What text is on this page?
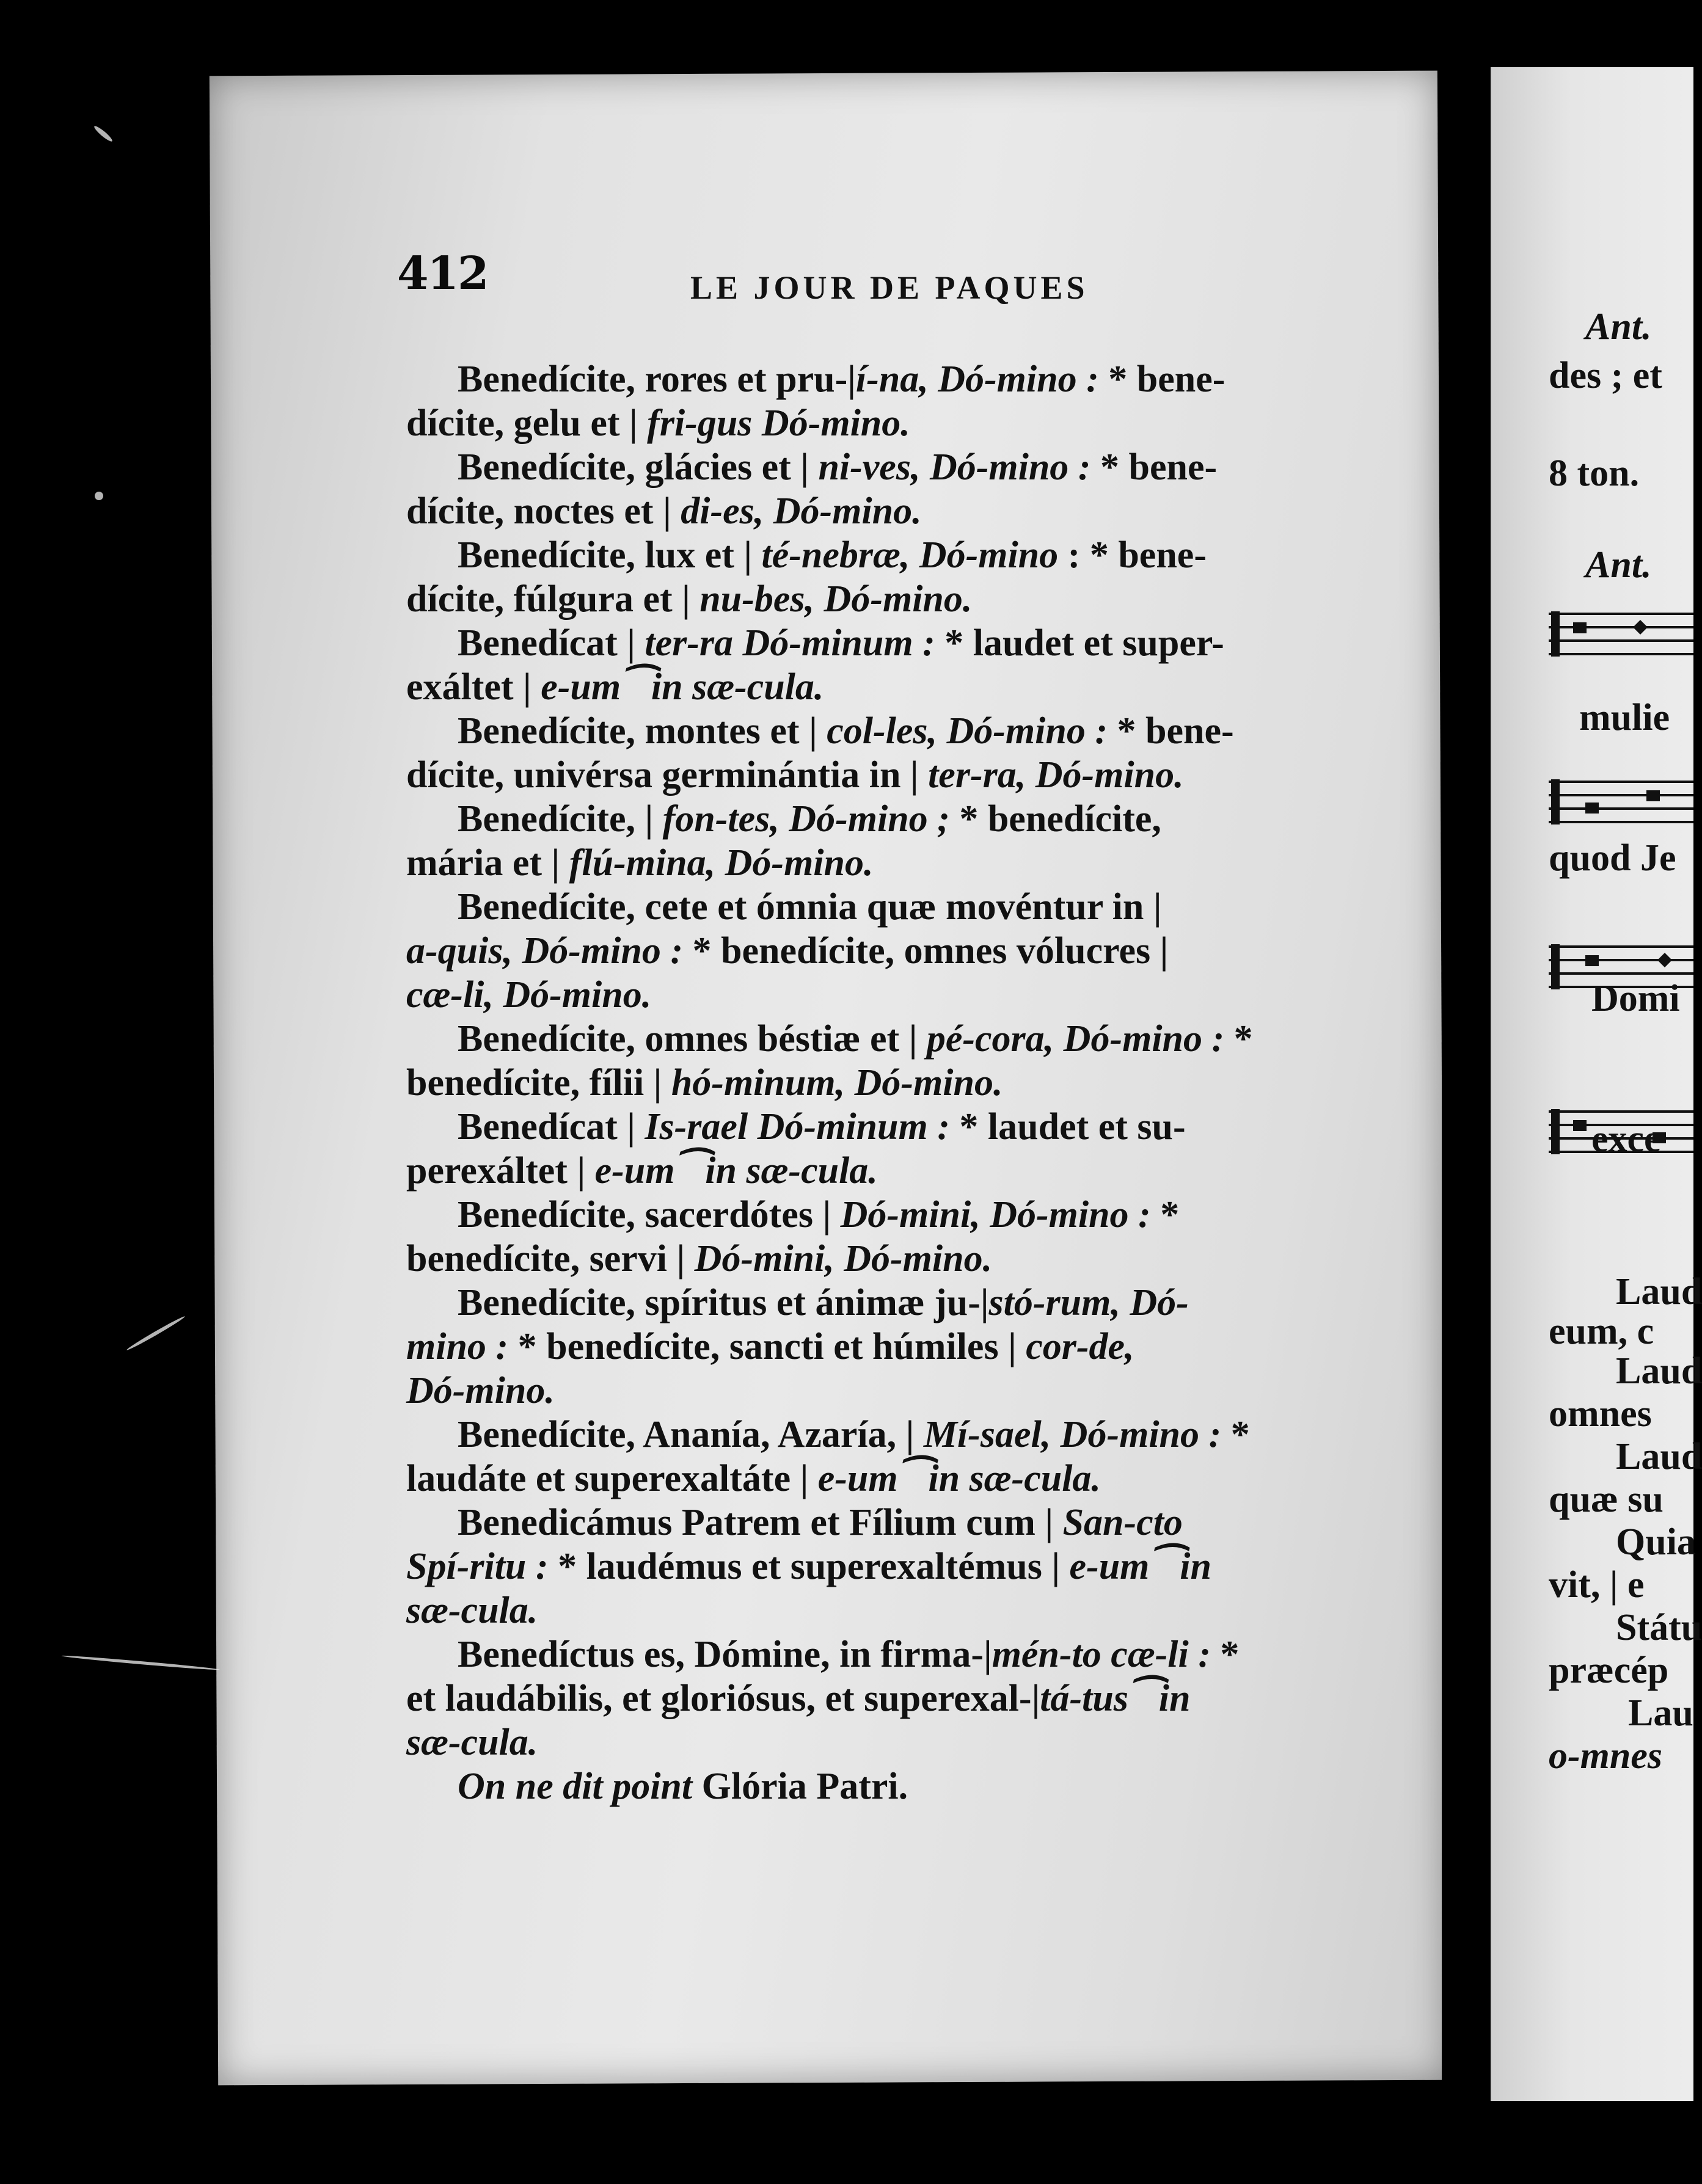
412	LE JOUR DE PAQUES
Benedícite, rores et pru-|í-na, Dó-mino : * bene-
dícite, gelu et | fri-gus Dó-mino.
Benedícite, glácies et | ni-ves, Dó-mino : * bene-
dícite, noctes et | di-es, Dó-mino.
Benedícite, lux et | té-nebræ, Dó-mino : * bene-
dícite, fúlgura et | nu-bes, Dó-mino.
Benedícat | ter-ra Dó-minum : * laudet et super-
exáltet | e-um⁀in sæ-cula.
Benedícite, montes et | col-les, Dó-mino : * bene-
dícite, univérsa germinántia in | ter-ra, Dó-mino.
Benedícite, | fon-tes, Dó-mino ; * benedícite,
mária et | flú-mina, Dó-mino.
Benedícite, cete et ómnia quæ movéntur in |
a-quis, Dó-mino : * benedícite, omnes vólucres |
cæ-li, Dó-mino.
Benedícite, omnes béstiæ et | pé-cora, Dó-mino : *
benedícite, fílii | hó-minum, Dó-mino.
Benedícat | Is-rael Dó-minum : * laudet et su-
perexáltet | e-um⁀in sæ-cula.
Benedícite, sacerdótes | Dó-mini, Dó-mino : *
benedícite, servi | Dó-mini, Dó-mino.
Benedícite, spíritus et ánimæ ju-|stó-rum, Dó-
mino : * benedícite, sancti et húmiles | cor-de,
Dó-mino.
Benedícite, Ananía, Azaría, | Mí-sael, Dó-mino : *
laudáte et superexaltáte | e-um⁀in sæ-cula.
Benedicámus Patrem et Fílium cum | San-cto
Spí-ritu : * laudémus et superexaltémus | e-um⁀in
sæ-cula.
Benedíctus es, Dómine, in firma-|mén-to cæ-li : *
et laudábilis, et gloriósus, et superexal-|tá-tus⁀in
sæ-cula.
On ne dit point Glória Patri.
Ant.
des ; et
8 ton.
Ant.
mulie
quod Je
Domi
exce
Laud
eum, c
Laud
omnes
Laud
quæ su
Quia
vit, | e
Státu
præcép
Lau
o-mnes
